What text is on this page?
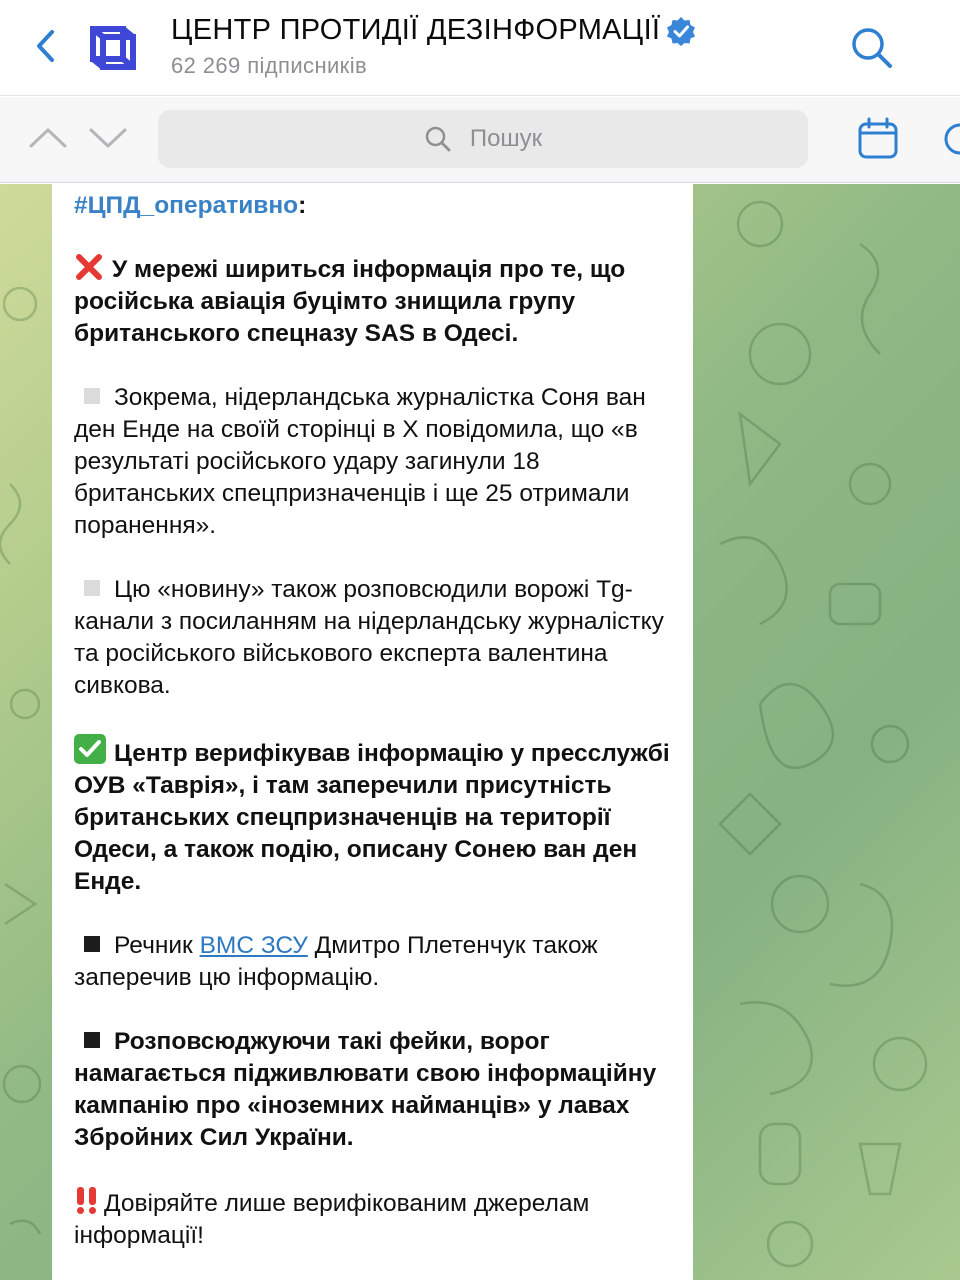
ЦЕНТР ПРОТИДІЇ ДЕЗІНФОРМАЦІЇ
62 269 підписників
Пошук

#ЦПД_оперативно:

У мережі шириться інформація про те, що російська авіація буцімто знищила групу британського спецназу SAS в Одесі.

Зокрема, нідерландська журналістка Соня ван ден Енде на своїй сторінці в Х повідомила, що «в результаті російського удару загинули 18 британських спецпризначенців і ще 25 отримали поранення».

Цю «новину» також розповсюдили ворожі Tg-канали з посиланням на нідерландську журналістку та російського військового експерта валентина сивкова.

Центр верифікував інформацію у пресслужбі ОУВ «Таврія», і там заперечили присутність британських спецпризначенців на території Одеси, а також подію, описану Сонею ван ден Енде.

Речник ВМС ЗСУ Дмитро Плетенчук також заперечив цю інформацію.

Розповсюджуючи такі фейки, ворог намагається підживлювати свою інформаційну кампанію про «іноземних найманців» у лавах Збройних Сил України.

Довіряйте лише верифікованим джерелам інформації!
